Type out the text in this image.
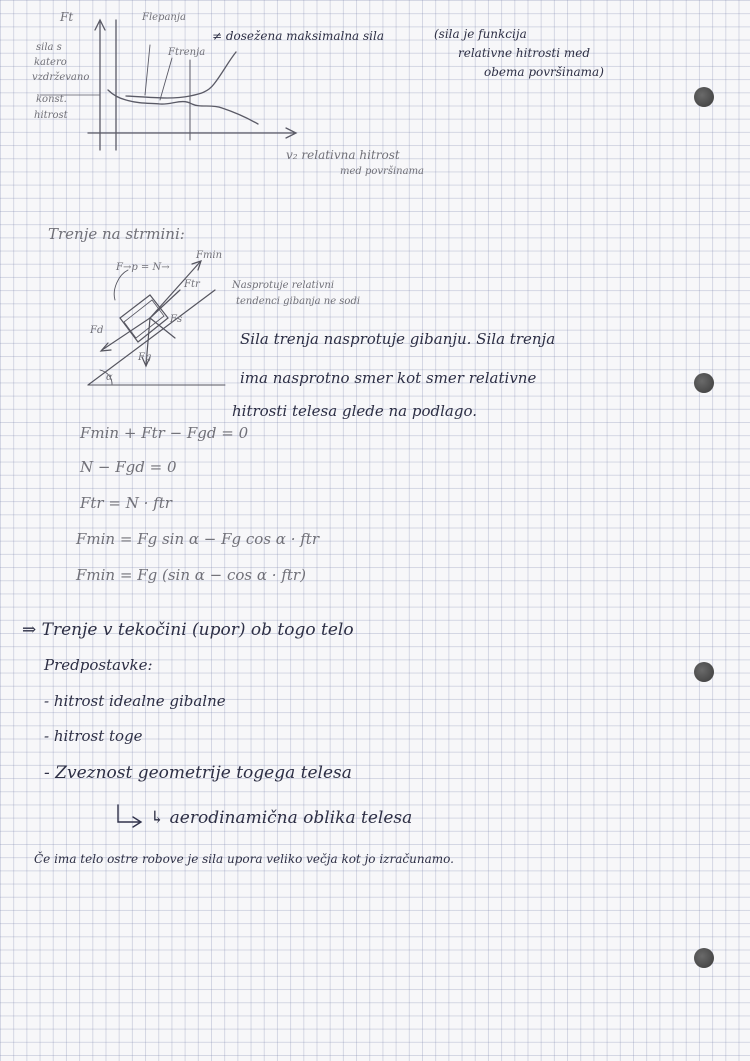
Ft
sila s
katero
vzdrževano
konst.
hitrost
Flepanja
Ftrenja
≠ dosežena maksimalna sila	(sila je funkcija
relativne hitrosti med
obema površinama)
v₂ relativna hitrost
med površinama
Trenje na strmini:
F→p = N→
Fmin
Ftr
Fs
Fd
Fg
α
Nasprotuje relativni
tendenci gibanja ne sodi
Sila trenja nasprotuje gibanju. Sila trenja
ima nasprotno smer kot smer relativne
hitrosti telesa glede na podlago.
Fmin + Ftr − Fgd = 0
N − Fgd = 0
Ftr = N · ftr
Fmin = Fg sin α − Fg cos α · ftr
Fmin = Fg (sin α − cos α · ftr)
⇒ Trenje v tekočini (upor) ob togo telo
Predpostavke:
- hitrost idealne gibalne
- hitrost toge
- Zveznost geometrije togega telesa
↳ aerodinamična oblika telesa
Če ima telo ostre robove je sila upora veliko večja kot jo izračunamo.
